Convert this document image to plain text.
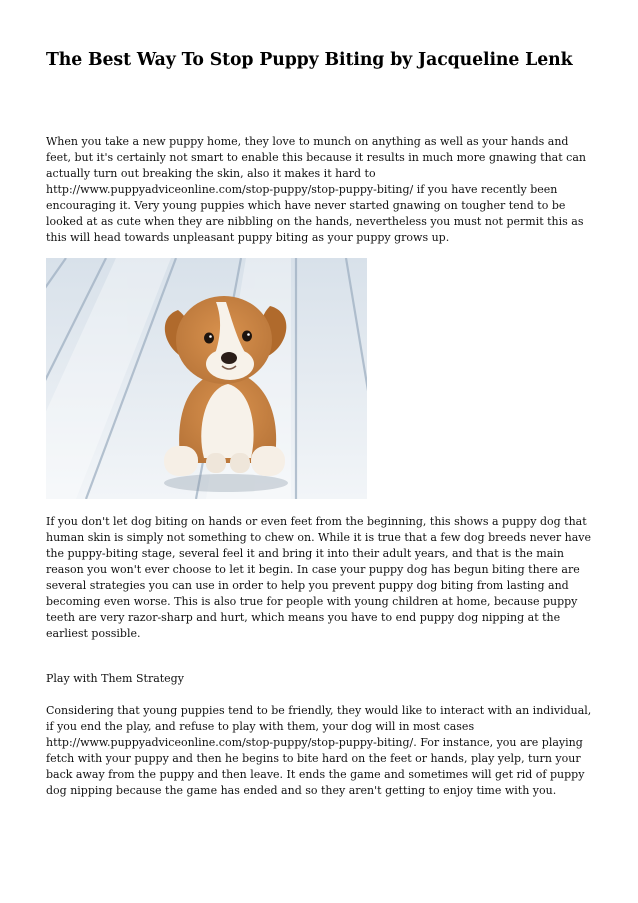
The Best Way To Stop Puppy Biting by Jacqueline Lenk

When you take a new puppy home, they love to munch on anything as well as your hands and feet, but it's certainly not smart to enable this because it results in much more gnawing that can actually turn out breaking the skin, also it makes it hard to http://www.puppyadviceonline.com/stop-puppy/stop-puppy-biting/ if you have recently been encouraging it. Very young puppies which have never started gnawing on tougher tend to be looked at as cute when they are nibbling on the hands, nevertheless you must not permit this as this will head towards unpleasant puppy biting as your puppy grows up.

If you don't let dog biting on hands or even feet from the beginning, this shows a puppy dog that human skin is simply not something to chew on. While it is true that a few dog breeds never have the puppy-biting stage, several feel it and bring it into their adult years, and that is the main reason you won't ever choose to let it begin. In case your puppy dog has begun biting there are several strategies you can use in order to help you prevent puppy dog biting from lasting and becoming even worse. This is also true for people with young children at home, because puppy teeth are very razor-sharp and hurt, which means you have to end puppy dog nipping at the earliest possible.

Play with Them Strategy

Considering that young puppies tend to be friendly, they would like to interact with an individual, if you end the play, and refuse to play with them, your dog will in most cases http://www.puppyadviceonline.com/stop-puppy/stop-puppy-biting/. For instance, you are playing fetch with your puppy and then he begins to bite hard on the feet or hands, play yelp, turn your back away from the puppy and then leave. It ends the game and sometimes will get rid of puppy dog nipping because the game has ended and so they aren't getting to enjoy time with you.
